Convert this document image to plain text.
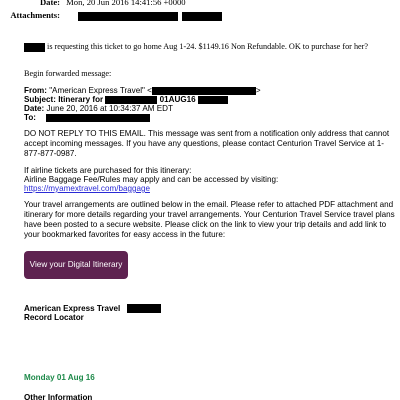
Date: Mon, 20 Jun 2016 14:41:56 +0000
Attachments:
is requesting this ticket to go home Aug 1-24. $1149.16 Non Refundable. OK to purchase for her?
Begin forwarded message:
From: "American Express Travel" <	>
Subject: Itinerary for	01AUG16
Date: June 20, 2016 at 10:34:37 AM EDT
To:
DO NOT REPLY TO THIS EMAIL. This message was sent from a notification only address that cannot accept incoming messages. If you have any questions, please contact Centurion Travel Service at 1-877-877-0987.
If airline tickets are purchased for this itinerary:
Airline Baggage Fee/Rules may apply and can be accessed by visiting:
https://myamextravel.com/baggage
Your travel arrangements are outlined below in the email. Please refer to attached PDF attachment and itinerary for more details regarding your travel arrangements. Your Centurion Travel Service travel plans have been posted to a secure website. Please click on the link to view your trip details and add link to your bookmarked favorites for easy access in the future:
View your Digital Itinerary
American Express Travel
Record Locator
Monday 01 Aug 16
Other Information
